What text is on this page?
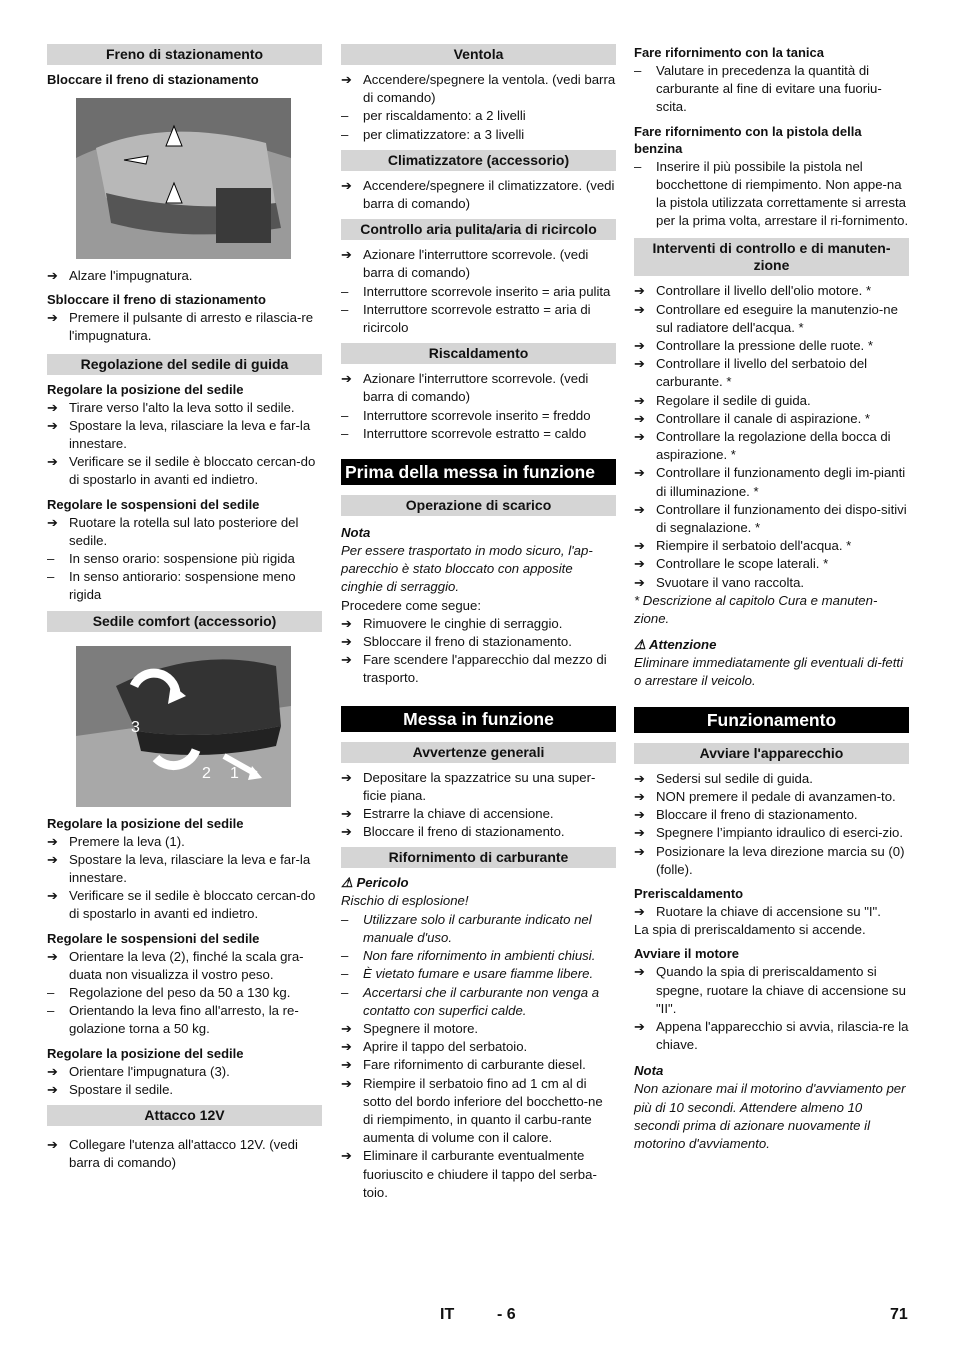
Freno di stazionamento
Bloccare il freno di stazionamento
➔ Alzare l'impugnatura.
Sbloccare il freno di stazionamento
➔ Premere il pulsante di arresto e rilascia-re l'impugnatura.
Regolazione del sedile di guida
Regolare la posizione del sedile
➔ Tirare verso l'alto la leva sotto il sedile.
➔ Spostare la leva, rilasciare la leva e far-la innestare.
➔ Verificare se il sedile è bloccato cercan-do di spostarlo in avanti ed indietro.
Regolare le sospensioni del sedile
➔ Ruotare la rotella sul lato posteriore del sedile.
–	In senso orario: sospensione più rigida
–	In senso antiorario: sospensione meno rigida
Sedile comfort (accessorio)
3
2 1
Regolare la posizione del sedile
➔ Premere la leva (1).
➔ Spostare la leva, rilasciare la leva e far-la innestare.
➔ Verificare se il sedile è bloccato cercan-do di spostarlo in avanti ed indietro.
Regolare le sospensioni del sedile
➔ Orientare la leva (2), finché la scala gra-duata non visualizza il vostro peso.
–	Regolazione del peso da 50 a 130 kg.
–	Orientando la leva fino all'arresto, la re-golazione torna a 50 kg.
Regolare la posizione del sedile
➔ Orientare l'impugnatura (3).
➔ Spostare il sedile.
Attacco 12V
➔ Collegare l'utenza all'attacco 12V. (vedi barra di comando)
Ventola
➔ Accendere/spegnere la ventola. (vedi barra di comando)
–	per riscaldamento: a 2 livelli
–	per climatizzatore: a 3 livelli
Climatizzatore (accessorio)
➔ Accendere/spegnere il climatizzatore. (vedi barra di comando)
Controllo aria pulita/aria di ricircolo
➔ Azionare l'interruttore scorrevole. (vedi barra di comando)
–	Interruttore scorrevole inserito = aria pulita
–	Interruttore scorrevole estratto = aria di ricircolo
Riscaldamento
➔ Azionare l'interruttore scorrevole. (vedi barra di comando)
–	Interruttore scorrevole inserito = freddo
–	Interruttore scorrevole estratto = caldo
Prima della messa in funzione
Operazione di scarico
Nota
Per essere trasportato in modo sicuro, l'ap-parecchio è stato bloccato con apposite cinghie di serraggio.
Procedere come segue:
➔ Rimuovere le cinghie di serraggio.
➔ Sbloccare il freno di stazionamento.
➔ Fare scendere l'apparecchio dal mezzo di trasporto.
Messa in funzione
Avvertenze generali
➔ Depositare la spazzatrice su una super-ficie piana.
➔ Estrarre la chiave di accensione.
➔ Bloccare il freno di stazionamento.
Rifornimento di carburante
⚠ Pericolo
Rischio di esplosione!
–	Utilizzare solo il carburante indicato nel manuale d'uso.
–	Non fare rifornimento in ambienti chiusi.
–	È vietato fumare e usare fiamme libere.
–	Accertarsi che il carburante non venga a contatto con superfici calde.
➔ Spegnere il motore.
➔ Aprire il tappo del serbatoio.
➔ Fare rifornimento di carburante diesel.
➔ Riempire il serbatoio fino ad 1 cm al di sotto del bordo inferiore del bocchetto-ne di riempimento, in quanto il carbu-rante aumenta di volume con il calore.
➔ Eliminare il carburante eventualmente fuoriuscito e chiudere il tappo del serba-toio.
Fare rifornimento con la tanica
–	Valutare in precedenza la quantità di carburante al fine di evitare una fuoriu-scita.
Fare rifornimento con la pistola della benzina
–	Inserire il più possibile la pistola nel bocchettone di riempimento. Non appe-na la pistola utilizzata correttamente si arresta per la prima volta, arrestare il ri-fornimento.
Interventi di controllo e di manuten-zione
➔ Controllare il livello dell'olio motore. *
➔ Controllare ed eseguire la manutenzio-ne sul radiatore dell'acqua. *
➔ Controllare la pressione delle ruote. *
➔ Controllare il livello del serbatoio del carburante. *
➔ Regolare il sedile di guida.
➔ Controllare il canale di aspirazione. *
➔ Controllare la regolazione della bocca di aspirazione. *
➔ Controllare il funzionamento degli im-pianti di illuminazione. *
➔ Controllare il funzionamento dei dispo-sitivi di segnalazione. *
➔ Riempire il serbatoio dell'acqua. *
➔ Controllare le scope laterali. *
➔ Svuotare il vano raccolta.
* Descrizione al capitolo Cura e manuten-zione.
⚠ Attenzione
Eliminare immediatamente gli eventuali di-fetti o arrestare il veicolo.
Funzionamento
Avviare l'apparecchio
➔ Sedersi sul sedile di guida.
➔ NON premere il pedale di avanzamen-to.
➔ Bloccare il freno di stazionamento.
➔ Spegnere l’impianto idraulico di eserci-zio.
➔ Posizionare la leva direzione marcia su (0) (folle).
Preriscaldamento
➔ Ruotare la chiave di accensione su "I".
La spia di preriscaldamento si accende.
Avviare il motore
➔ Quando la spia di preriscaldamento si spegne, ruotare la chiave di accensione su "II".
➔ Appena l'apparecchio si avvia, rilascia-re la chiave.
Nota
Non azionare mai il motorino d'avviamento per più di 10 secondi. Attendere almeno 10 secondi prima di azionare nuovamente il motorino d'avviamento.
IT	- 6	71
